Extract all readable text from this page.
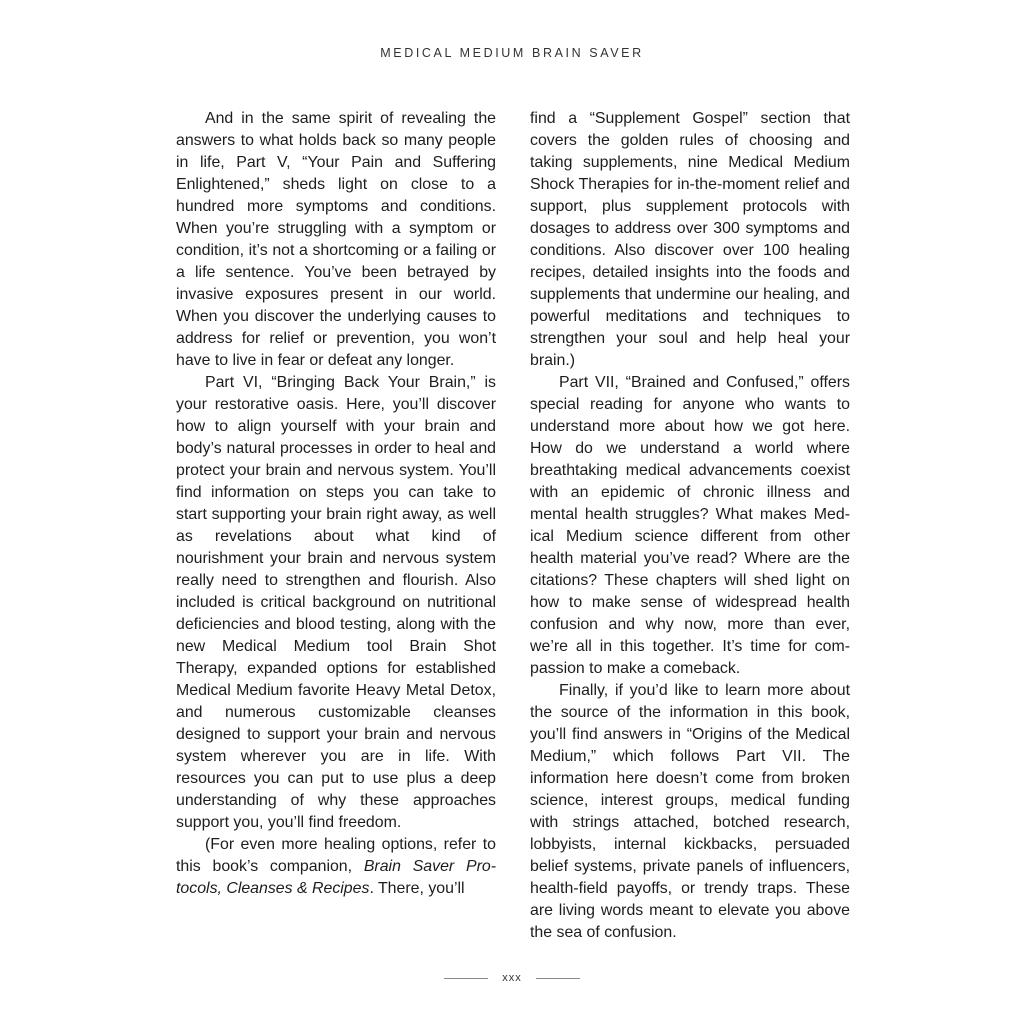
MEDICAL MEDIUM BRAIN SAVER

And in the same spirit of revealing the answers to what holds back so many people in life, Part V, “Your Pain and Suffering Enlightened,” sheds light on close to a hundred more symptoms and conditions. When you’re struggling with a symptom or condition, it’s not a shortcoming or a failing or a life sentence. You’ve been betrayed by invasive exposures present in our world. When you discover the underlying causes to address for relief or prevention, you won’t have to live in fear or defeat any longer.

Part VI, “Bringing Back Your Brain,” is your restorative oasis. Here, you’ll discover how to align yourself with your brain and body’s natural processes in order to heal and protect your brain and nervous system. You’ll find information on steps you can take to start supporting your brain right away, as well as revelations about what kind of nourishment your brain and nervous system really need to strengthen and flourish. Also included is critical background on nutritional deficiencies and blood testing, along with the new Medical Medium tool Brain Shot Therapy, expanded options for established Medical Medium favorite Heavy Metal Detox, and numerous customizable cleanses designed to support your brain and nervous system wherever you are in life. With resources you can put to use plus a deep understanding of why these approaches support you, you’ll find freedom.

(For even more healing options, refer to this book’s companion, Brain Saver Protocols, Cleanses & Recipes. There, you’ll

find a “Supplement Gospel” section that covers the golden rules of choosing and taking supplements, nine Medical Medium Shock Therapies for in-the-moment relief and support, plus supplement protocols with dosages to address over 300 symptoms and conditions. Also discover over 100 healing recipes, detailed insights into the foods and supplements that undermine our healing, and powerful meditations and techniques to strengthen your soul and help heal your brain.)

Part VII, “Brained and Confused,” offers special reading for anyone who wants to understand more about how we got here. How do we understand a world where breathtaking medical advancements coexist with an epidemic of chronic illness and mental health struggles? What makes Medical Medium science different from other health material you’ve read? Where are the citations? These chapters will shed light on how to make sense of widespread health confusion and why now, more than ever, we’re all in this together. It’s time for compassion to make a comeback.

Finally, if you’d like to learn more about the source of the information in this book, you’ll find answers in “Origins of the Medical Medium,” which follows Part VII. The information here doesn’t come from broken science, interest groups, medical funding with strings attached, botched research, lobbyists, internal kickbacks, persuaded belief systems, private panels of influencers, health-field payoffs, or trendy traps. These are living words meant to elevate you above the sea of confusion.

xxx
